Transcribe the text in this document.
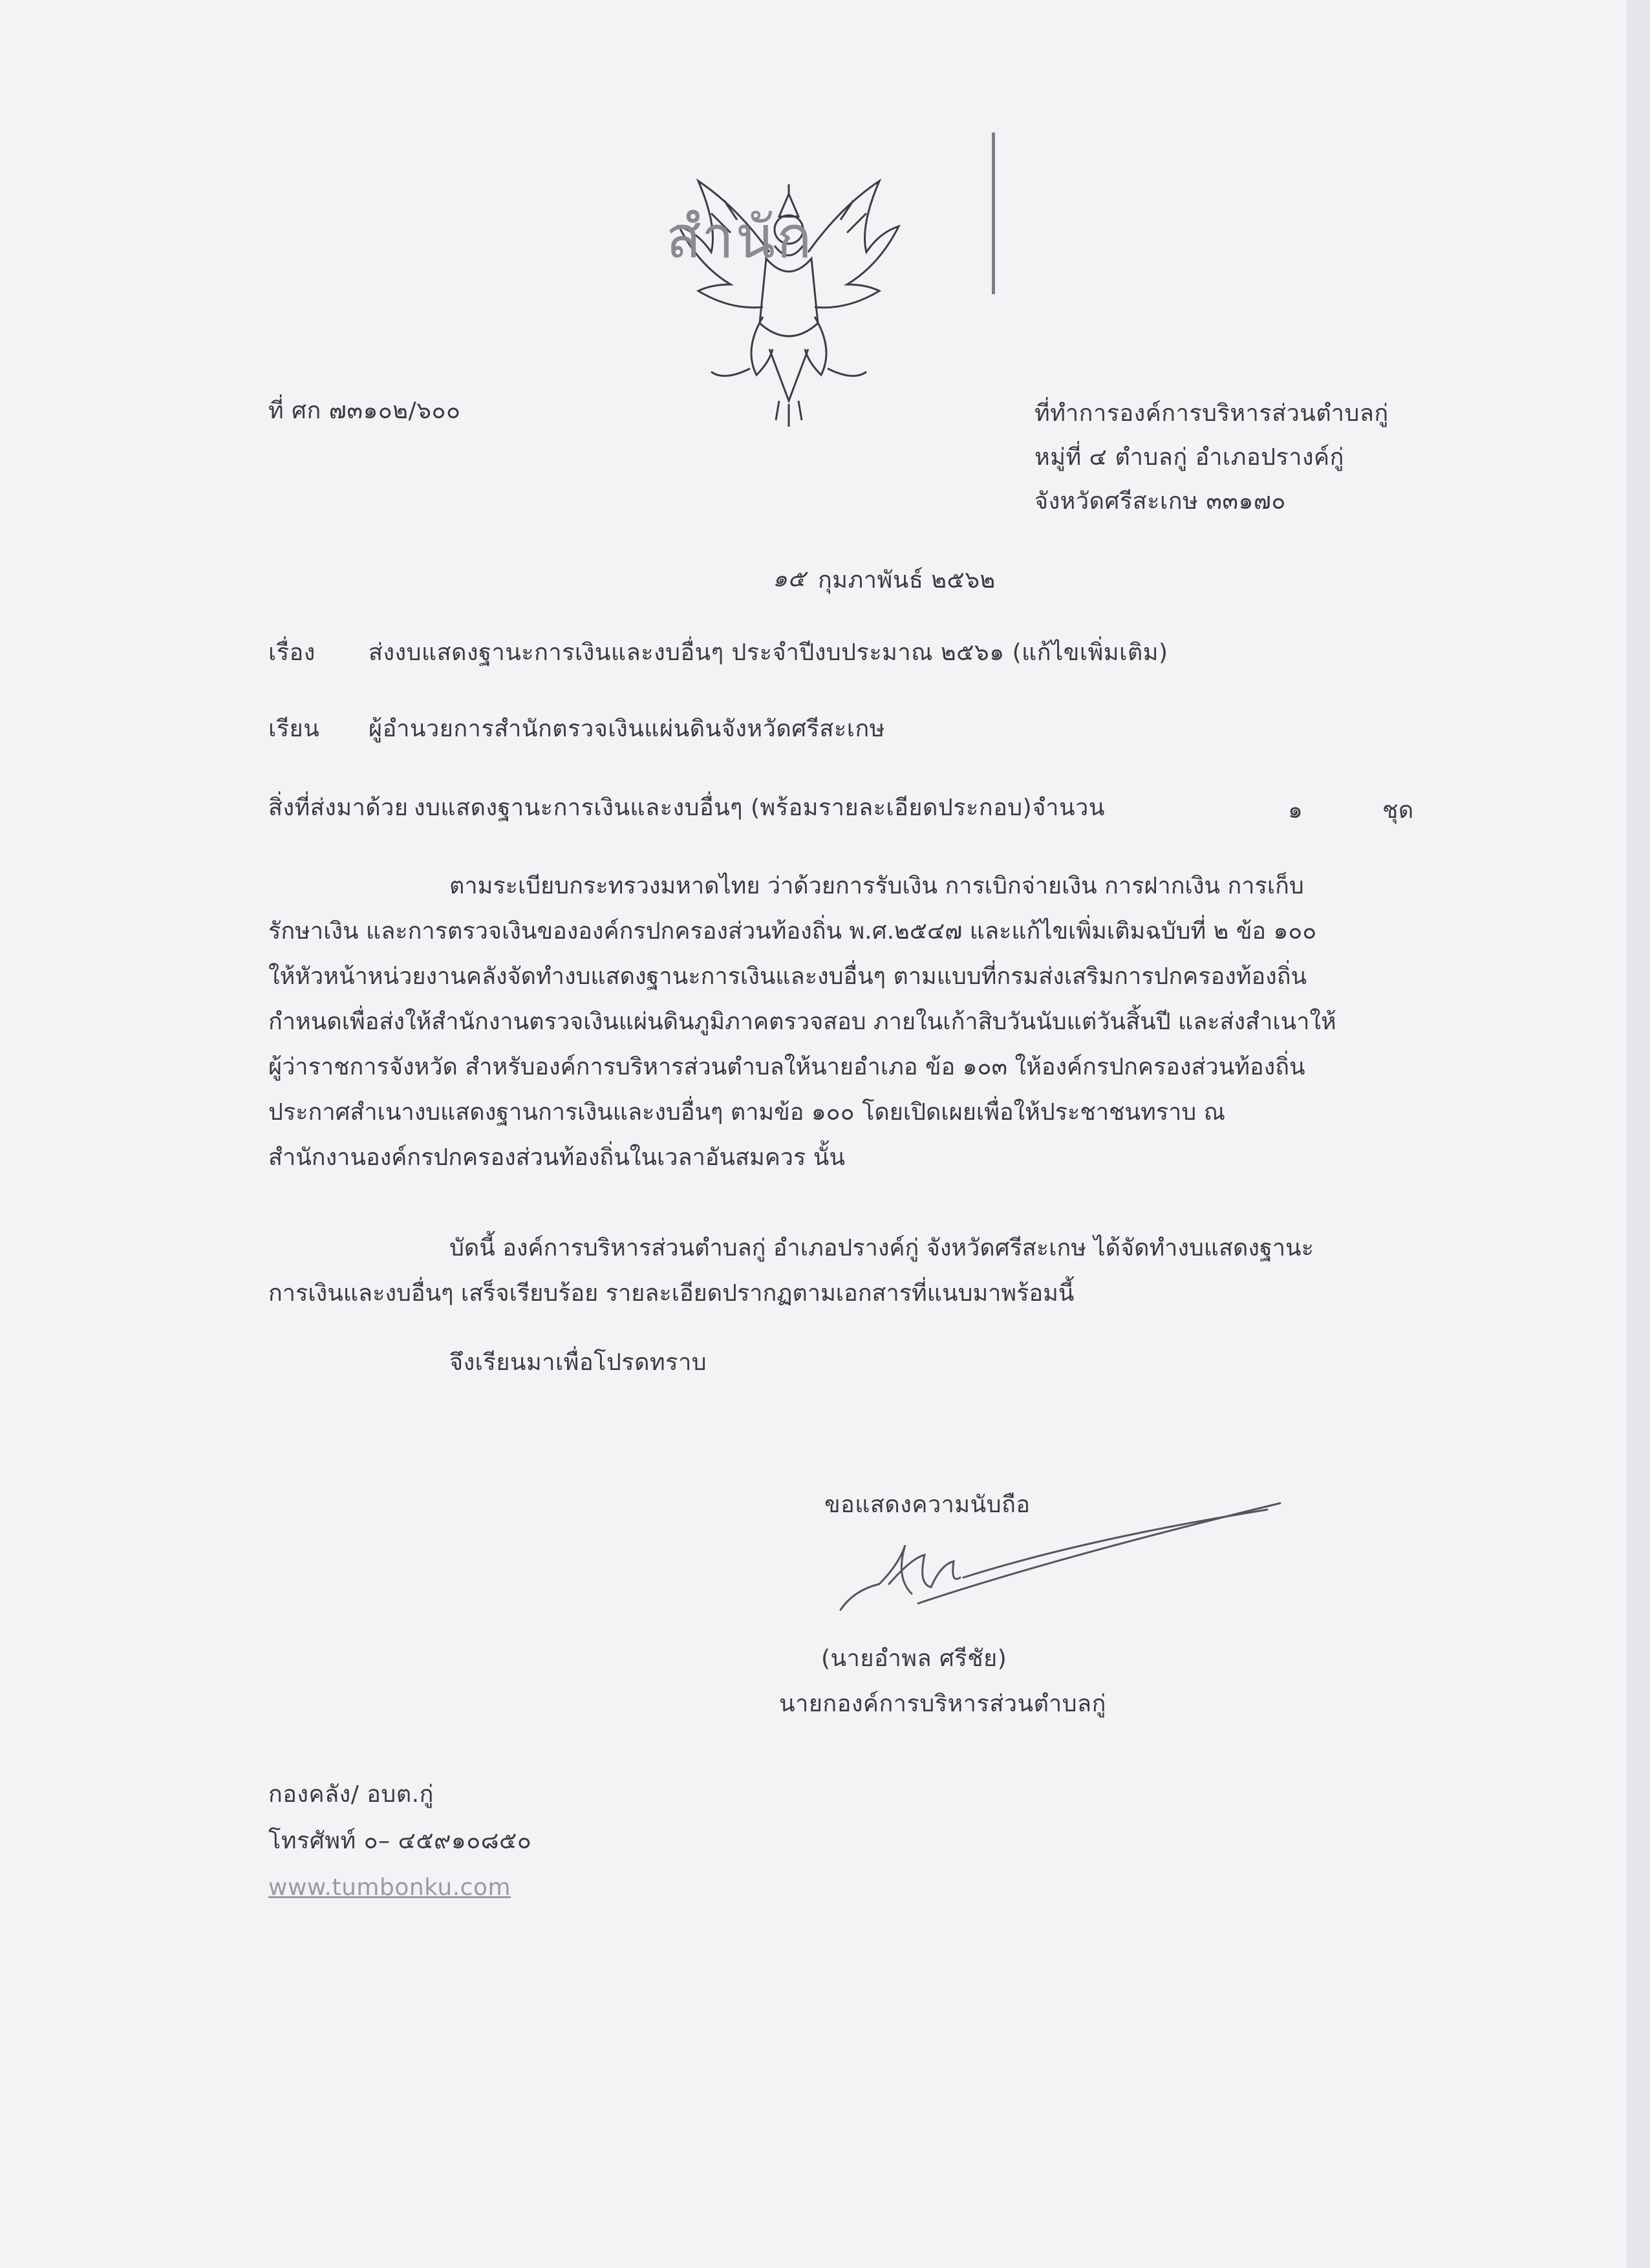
สำนัก
ที่ ศก ๗๓๑๐๒/๖๐๐	ที่ทำการองค์การบริหารส่วนตำบลกู่
หมู่ที่ ๔ ตำบลกู่ อำเภอปรางค์กู่
จังหวัดศรีสะเกษ ๓๓๑๗๐
๑๕ กุมภาพันธ์ ๒๕๖๒
เรื่อง ส่งงบแสดงฐานะการเงินและงบอื่นๆ ประจำปีงบประมาณ ๒๕๖๑ (แก้ไขเพิ่มเติม)
เรียน ผู้อำนวยการสำนักตรวจเงินแผ่นดินจังหวัดศรีสะเกษ
สิ่งที่ส่งมาด้วย งบแสดงฐานะการเงินและงบอื่นๆ (พร้อมรายละเอียดประกอบ)จำนวน	๑	ชุด
ตามระเบียบกระทรวงมหาดไทย ว่าด้วยการรับเงิน การเบิกจ่ายเงิน การฝากเงิน การเก็บ
รักษาเงิน และการตรวจเงินขององค์กรปกครองส่วนท้องถิ่น พ.ศ.๒๕๔๗ และแก้ไขเพิ่มเติมฉบับที่ ๒ ข้อ ๑๐๐
ให้หัวหน้าหน่วยงานคลังจัดทำงบแสดงฐานะการเงินและงบอื่นๆ ตามแบบที่กรมส่งเสริมการปกครองท้องถิ่น
กำหนดเพื่อส่งให้สำนักงานตรวจเงินแผ่นดินภูมิภาคตรวจสอบ ภายในเก้าสิบวันนับแต่วันสิ้นปี และส่งสำเนาให้
ผู้ว่าราชการจังหวัด สำหรับองค์การบริหารส่วนตำบลให้นายอำเภอ ข้อ ๑๐๓ ให้องค์กรปกครองส่วนท้องถิ่น
ประกาศสำเนางบแสดงฐานการเงินและงบอื่นๆ ตามข้อ ๑๐๐ โดยเปิดเผยเพื่อให้ประชาชนทราบ ณ
สำนักงานองค์กรปกครองส่วนท้องถิ่นในเวลาอันสมควร นั้น
บัดนี้ องค์การบริหารส่วนตำบลกู่ อำเภอปรางค์กู่ จังหวัดศรีสะเกษ ได้จัดทำงบแสดงฐานะ
การเงินและงบอื่นๆ เสร็จเรียบร้อย รายละเอียดปรากฏตามเอกสารที่แนบมาพร้อมนี้
จึงเรียนมาเพื่อโปรดทราบ
ขอแสดงความนับถือ
(นายอำพล ศรีชัย)
นายกองค์การบริหารส่วนตำบลกู่
กองคลัง/ อบต.กู่
โทรศัพท์ ๐– ๔๕๙๑๐๘๕๐
www.tumbonku.com
